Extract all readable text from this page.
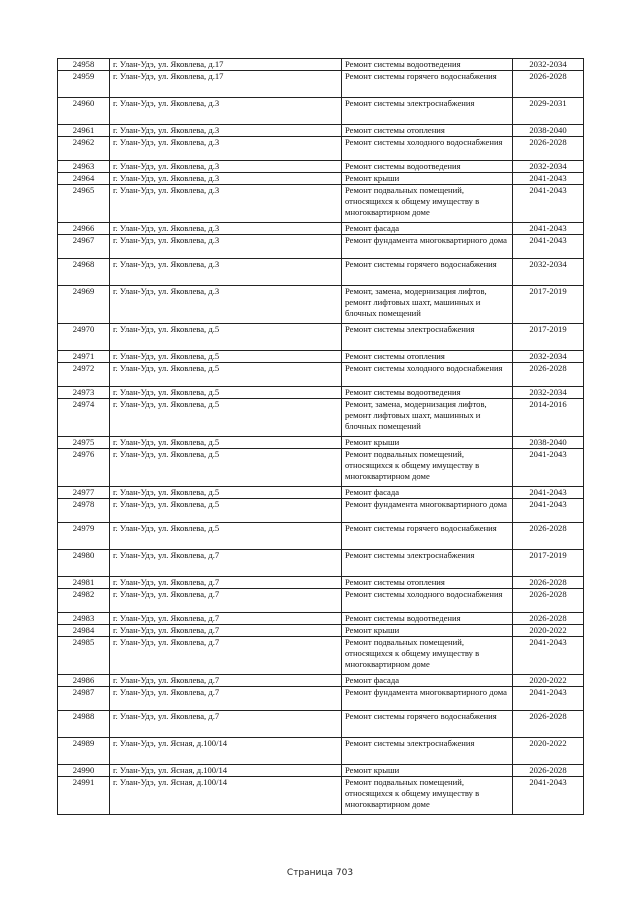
24958	г. Улан-Удэ, ул. Яковлева, д.17	Ремонт системы водоотведения	2032-2034
24959	г. Улан-Удэ, ул. Яковлева, д.17	Ремонт системы горячего водоснабжения	2026-2028
24960	г. Улан-Удэ, ул. Яковлева, д.3	Ремонт системы электроснабжения	2029-2031
24961	г. Улан-Удэ, ул. Яковлева, д.3	Ремонт системы отопления	2038-2040
24962	г. Улан-Удэ, ул. Яковлева, д.3	Ремонт системы холодного водоснабжения	2026-2028
24963	г. Улан-Удэ, ул. Яковлева, д.3	Ремонт системы водоотведения	2032-2034
24964	г. Улан-Удэ, ул. Яковлева, д.3	Ремонт крыши	2041-2043
24965	г. Улан-Удэ, ул. Яковлева, д.3	Ремонт подвальных помещений, относящихся к общему имуществу в многоквартирном доме	2041-2043
24966	г. Улан-Удэ, ул. Яковлева, д.3	Ремонт фасада	2041-2043
24967	г. Улан-Удэ, ул. Яковлева, д.3	Ремонт фундамента многоквартирного дома	2041-2043
24968	г. Улан-Удэ, ул. Яковлева, д.3	Ремонт системы горячего водоснабжения	2032-2034
24969	г. Улан-Удэ, ул. Яковлева, д.3	Ремонт, замена, модернизация лифтов, ремонт лифтовых шахт, машинных и блочных помещений	2017-2019
24970	г. Улан-Удэ, ул. Яковлева, д.5	Ремонт системы электроснабжения	2017-2019
24971	г. Улан-Удэ, ул. Яковлева, д.5	Ремонт системы отопления	2032-2034
24972	г. Улан-Удэ, ул. Яковлева, д.5	Ремонт системы холодного водоснабжения	2026-2028
24973	г. Улан-Удэ, ул. Яковлева, д.5	Ремонт системы водоотведения	2032-2034
24974	г. Улан-Удэ, ул. Яковлева, д.5	Ремонт, замена, модернизация лифтов, ремонт лифтовых шахт, машинных и блочных помещений	2014-2016
24975	г. Улан-Удэ, ул. Яковлева, д.5	Ремонт крыши	2038-2040
24976	г. Улан-Удэ, ул. Яковлева, д.5	Ремонт подвальных помещений, относящихся к общему имуществу в многоквартирном доме	2041-2043
24977	г. Улан-Удэ, ул. Яковлева, д.5	Ремонт фасада	2041-2043
24978	г. Улан-Удэ, ул. Яковлева, д.5	Ремонт фундамента многоквартирного дома	2041-2043
24979	г. Улан-Удэ, ул. Яковлева, д.5	Ремонт системы горячего водоснабжения	2026-2028
24980	г. Улан-Удэ, ул. Яковлева, д.7	Ремонт системы электроснабжения	2017-2019
24981	г. Улан-Удэ, ул. Яковлева, д.7	Ремонт системы отопления	2026-2028
24982	г. Улан-Удэ, ул. Яковлева, д.7	Ремонт системы холодного водоснабжения	2026-2028
24983	г. Улан-Удэ, ул. Яковлева, д.7	Ремонт системы водоотведения	2026-2028
24984	г. Улан-Удэ, ул. Яковлева, д.7	Ремонт крыши	2020-2022
24985	г. Улан-Удэ, ул. Яковлева, д.7	Ремонт подвальных помещений, относящихся к общему имуществу в многоквартирном доме	2041-2043
24986	г. Улан-Удэ, ул. Яковлева, д.7	Ремонт фасада	2020-2022
24987	г. Улан-Удэ, ул. Яковлева, д.7	Ремонт фундамента многоквартирного дома	2041-2043
24988	г. Улан-Удэ, ул. Яковлева, д.7	Ремонт системы горячего водоснабжения	2026-2028
24989	г. Улан-Удэ, ул. Ясная, д.100/14	Ремонт системы электроснабжения	2020-2022
24990	г. Улан-Удэ, ул. Ясная, д.100/14	Ремонт крыши	2026-2028
24991	г. Улан-Удэ, ул. Ясная, д.100/14	Ремонт подвальных помещений, относящихся к общему имуществу в многоквартирном доме	2041-2043
Страница 703
